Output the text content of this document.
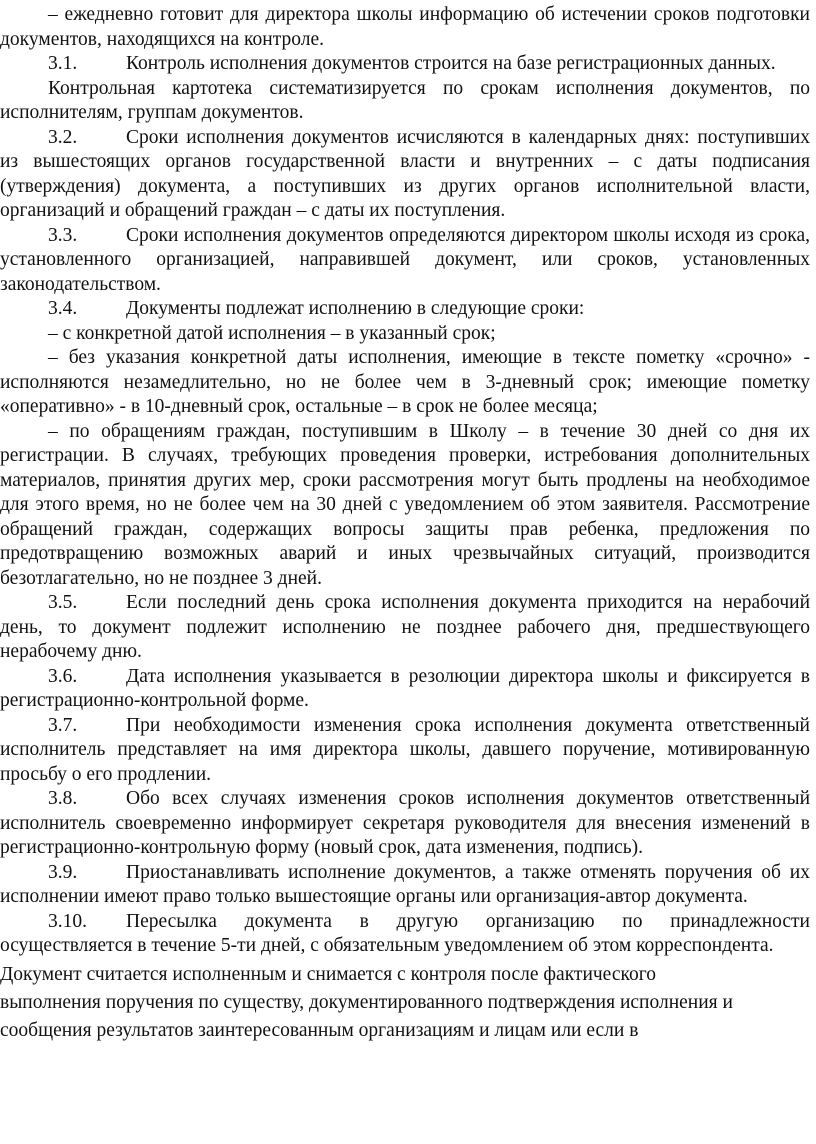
– ежедневно готовит для директора школы информацию об истечении сроков подготовки документов, находящихся на контроле.

3.1.	Контроль исполнения документов строится на базе регистрационных данных.

Контрольная картотека систематизируется по срокам исполнения документов, по исполнителям, группам документов.

3.2.	Сроки исполнения документов исчисляются в календарных днях: поступивших из вышестоящих органов государственной власти и внутренних – с даты подписания (утверждения) документа, а поступивших из других органов исполнительной власти, организаций и обращений граждан – с даты их поступления.

3.3.	Сроки исполнения документов определяются директором школы исходя из срока, установленного организацией, направившей документ, или сроков, установленных законодательством.

3.4.	Документы подлежат исполнению в следующие сроки:

– с конкретной датой исполнения – в указанный срок;

– без указания конкретной даты исполнения, имеющие в тексте пометку «срочно» - исполняются незамедлительно, но не более чем в 3-дневный срок; имеющие пометку «оперативно» - в 10-дневный срок, остальные – в срок не более месяца;

– по обращениям граждан, поступившим в Школу – в течение 30 дней со дня их регистрации. В случаях, требующих проведения проверки, истребования дополнительных материалов, принятия других мер, сроки рассмотрения могут быть продлены на необходимое для этого время, но не более чем на 30 дней с уведомлением об этом заявителя. Рассмотрение обращений граждан, содержащих вопросы защиты прав ребенка, предложения по предотвращению возможных аварий и иных чрезвычайных ситуаций, производится безотлагательно, но не позднее 3 дней.

3.5.	Если последний день срока исполнения документа приходится на нерабочий день, то документ подлежит исполнению не позднее рабочего дня, предшествующего нерабочему дню.

3.6.	Дата исполнения указывается в резолюции директора школы и фиксируется в регистрационно-контрольной форме.

3.7.	При необходимости изменения срока исполнения документа ответственный исполнитель представляет на имя директора школы, давшего поручение, мотивированную просьбу о его продлении.

3.8.	Обо всех случаях изменения сроков исполнения документов ответственный исполнитель своевременно информирует секретаря руководителя для внесения изменений в регистрационно-контрольную форму (новый срок, дата изменения, подпись).

3.9.	Приостанавливать исполнение документов, а также отменять поручения об их исполнении имеют право только вышестоящие органы или организация-автор документа.

3.10. Пересылка документа в другую организацию по принадлежности осуществляется в течение 5-ти дней, с обязательным уведомлением об этом корреспондента.

Документ считается исполненным и снимается с контроля после фактического

выполнения поручения по существу, документированного подтверждения исполнения и

сообщения результатов заинтересованным организациям и лицам или если в
